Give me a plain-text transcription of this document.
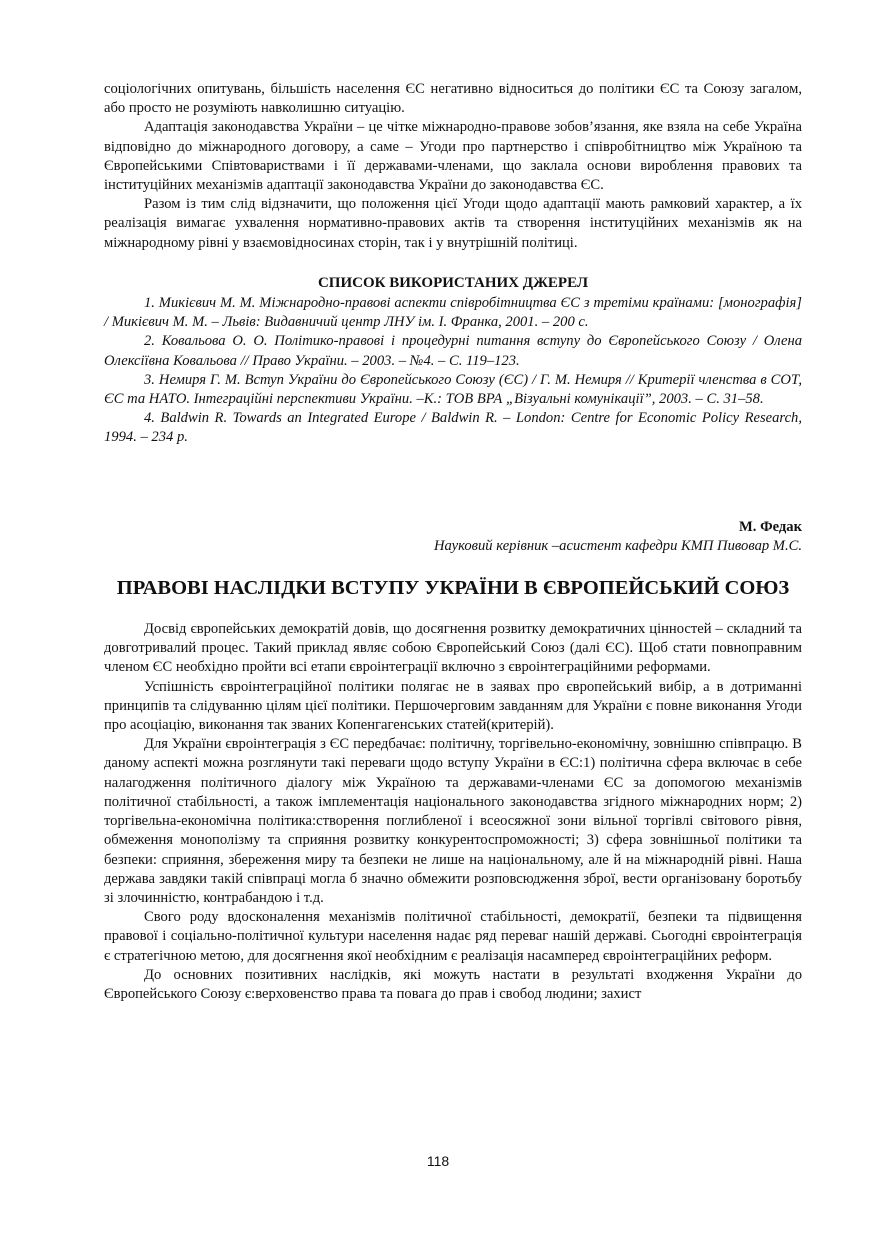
соціологічних опитувань, більшість населення ЄС негативно відноситься до політики ЄС та Союзу загалом, або просто не розуміють навколишню ситуацію.

Адаптація законодавства України – це чітке міжнародно-правове зобов’язання, яке взяла на себе Україна відповідно до міжнародного договору, а саме – Угоди про партнерство і співробітництво між Україною та Європейськими Співтовариствами і її державами-членами, що заклала основи вироблення правових та інституційних механізмів адаптації законодавства України до законодавства ЄС.

Разом із тим слід відзначити, що положення цієї Угоди щодо адаптації мають рамковий характер, а їх реалізація вимагає ухвалення нормативно-правових актів та створення інституційних механізмів як на міжнародному рівні у взаємовідносинах сторін, так і у внутрішній політиці.

СПИСОК ВИКОРИСТАНИХ ДЖЕРЕЛ

1. Микієвич М. М. Міжнародно-правові аспекти співробітництва ЄС з третіми країнами: [монографія] / Микієвич М. М. – Львів: Видавничий центр ЛНУ ім. І. Франка, 2001. – 200 с.

2. Ковальова О. О. Політико-правові і процедурні питання вступу до Європейського Союзу / Олена Олексіївна Ковальова // Право України. – 2003. – №4. – С. 119–123.

3. Немиря Г. М. Вступ України до Європейського Союзу (ЄС) / Г. М. Немиря // Критерії членства в СОТ, ЄС та НАТО. Інтеграційні перспективи України. –К.: ТОВ ВРА „Візуальні комунікації”, 2003. – С. 31–58.

4. Baldwin R. Towards an Integrated Europe / Baldwin R. – London: Centre for Economic Policy Research, 1994. – 234 p.

М. Федак
Науковий керівник –асистент кафедри КМП Пивовар М.С.
ПРАВОВІ НАСЛІДКИ ВСТУПУ УКРАЇНИ В ЄВРОПЕЙСЬКИЙ СОЮЗ

Досвід європейських демократій довів, що досягнення розвитку демократичних цінностей – складний та довготривалий процес. Такий приклад являє собою Європейський Союз (далі ЄС). Щоб стати повноправним членом ЄС необхідно пройти всі етапи євроінтеграції включно з євроінтеграційними реформами.

Успішність євроінтеграційної політики полягає не в заявах про європейський вибір, а в дотриманні принципів та слідуванню цілям цієї політики. Першочерговим завданням для України є повне виконання Угоди про асоціацію, виконання так званих Копенгагенських статей(критерій).

Для України євроінтеграція з ЄС передбачає: політичну, торгівельно-економічну, зовнішню співпрацю. В даному аспекті можна розглянути такі переваги щодо вступу України в ЄС:1) політична сфера включає в себе налагодження політичного діалогу між Україною та державами-членами ЄС за допомогою механізмів політичної стабільності, а також імплементація національного законодавства згідного міжнародних норм; 2) торгівельна-економічна політика:створення поглибленої і всеосяжної зони вільної торгівлі світового рівня, обмеження монополізму та сприяння розвитку конкурентоспроможності; 3) сфера зовнішньої політики та безпеки: сприяння, збереження миру та безпеки не лише на національному, але й на міжнародній рівні. Наша держава завдяки такій співпраці могла б значно обмежити розповсюдження зброї, вести організовану боротьбу зі злочинністю, контрабандою і т.д.

Свого роду вдосконалення механізмів політичної стабільності, демократії, безпеки та підвищення правової і соціально-політичної культури населення надає ряд переваг нашій державі. Сьогодні євроінтеграція є стратегічною метою, для досягнення якої необхідним є реалізація насамперед євроінтеграційних реформ.

До основних позитивних наслідків, які можуть настати в результаті входження України до Європейського Союзу є:верховенство права та повага до прав і свобод людини; захист

118
